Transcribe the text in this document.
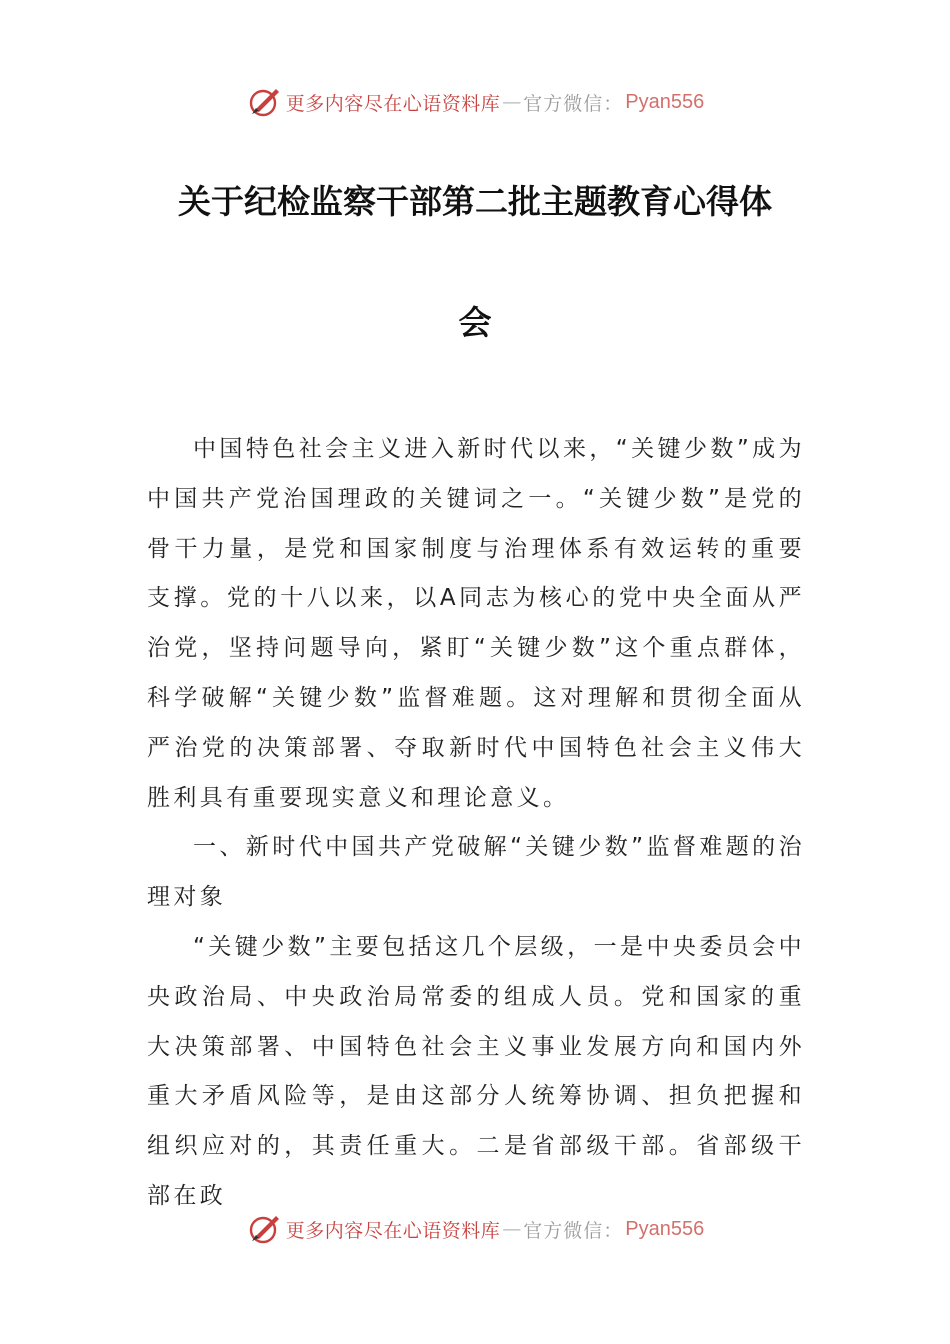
更多内容尽在心语资料库 — 官方微信： Pyan556
关于纪检监察干部第二批主题教育心得体
会

中国特色社会主义进入新时代以来，“关键少数”成为中国共产党治国理政的关键词之一。“关键少数”是党的骨干力量，是党和国家制度与治理体系有效运转的重要支撑。党的十八以来，以A同志为核心的党中央全面从严治党，坚持问题导向，紧盯“关键少数”这个重点群体，科学破解“关键少数”监督难题。这对理解和贯彻全面从严治党的决策部署、夺取新时代中国特色社会主义伟大胜利具有重要现实意义和理论意义。

一、新时代中国共产党破解“关键少数”监督难题的治理对象

“关键少数”主要包括这几个层级，一是中央委员会中央政治局、中央政治局常委的组成人员。党和国家的重大决策部署、中国特色社会主义事业发展方向和国内外重大矛盾风险等，是由这部分人统筹协调、担负把握和组织应对的，其责任重大。二是省部级干部。省部级干部在政

更多内容尽在心语资料库 — 官方微信： Pyan556
